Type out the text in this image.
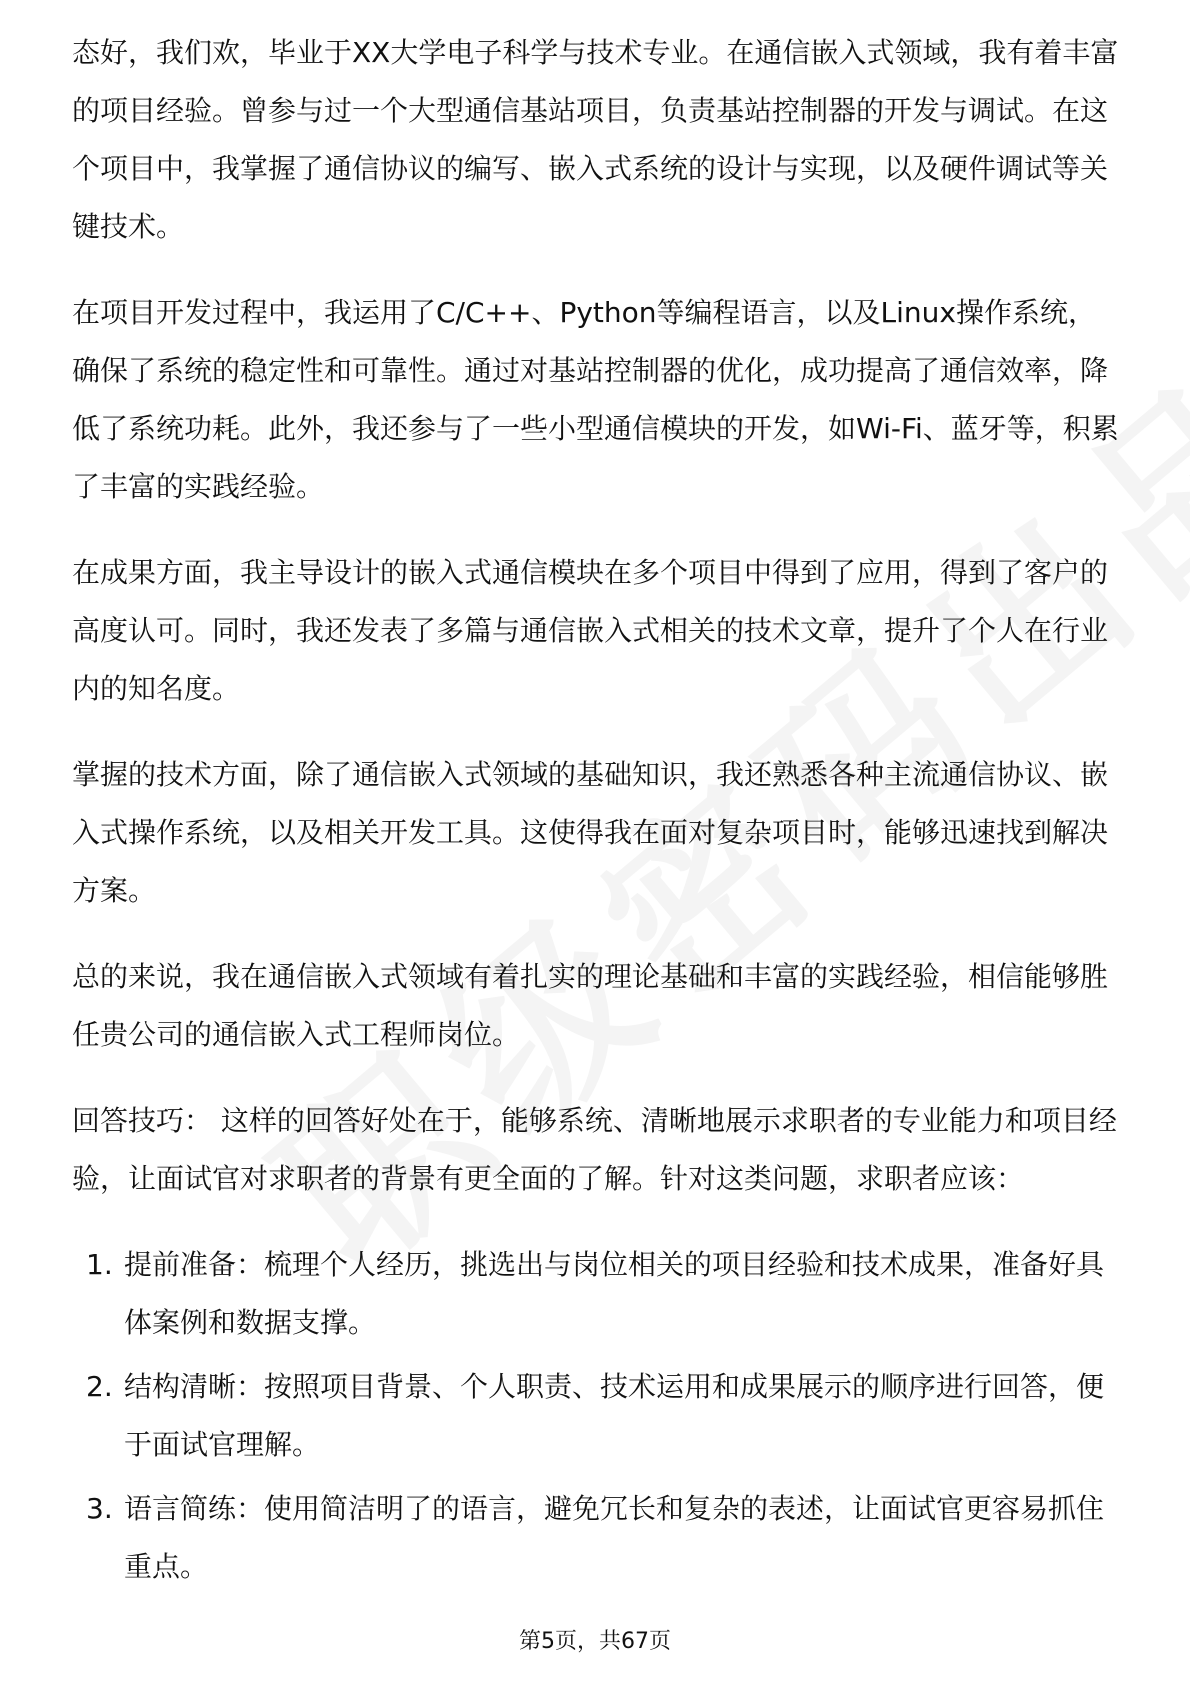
态好，我们欢，毕业于XX大学电子科学与技术专业。在通信嵌入式领域，我有着丰富的项目经验。曾参与过一个大型通信基站项目，负责基站控制器的开发与调试。在这个项目中，我掌握了通信协议的编写、嵌入式系统的设计与实现，以及硬件调试等关键技术。

在项目开发过程中，我运用了C/C++、Python等编程语言，以及Linux操作系统，确保了系统的稳定性和可靠性。通过对基站控制器的优化，成功提高了通信效率，降低了系统功耗。此外，我还参与了一些小型通信模块的开发，如Wi-Fi、蓝牙等，积累了丰富的实践经验。

在成果方面，我主导设计的嵌入式通信模块在多个项目中得到了应用，得到了客户的高度认可。同时，我还发表了多篇与通信嵌入式相关的技术文章，提升了个人在行业内的知名度。

掌握的技术方面，除了通信嵌入式领域的基础知识，我还熟悉各种主流通信协议、嵌入式操作系统，以及相关开发工具。这使得我在面对复杂项目时，能够迅速找到解决方案。

总的来说，我在通信嵌入式领域有着扎实的理论基础和丰富的实践经验，相信能够胜任贵公司的通信嵌入式工程师岗位。

回答技巧： 这样的回答好处在于，能够系统、清晰地展示求职者的专业能力和项目经验，让面试官对求职者的背景有更全面的了解。针对这类问题，求职者应该：

1. 提前准备：梳理个人经历，挑选出与岗位相关的项目经验和技术成果，准备好具体案例和数据支撑。
2. 结构清晰：按照项目背景、个人职责、技术运用和成果展示的顺序进行回答，便于面试官理解。
3. 语言简练：使用简洁明了的语言，避免冗长和复杂的表述，让面试官更容易抓住重点。
第5页，共67页
